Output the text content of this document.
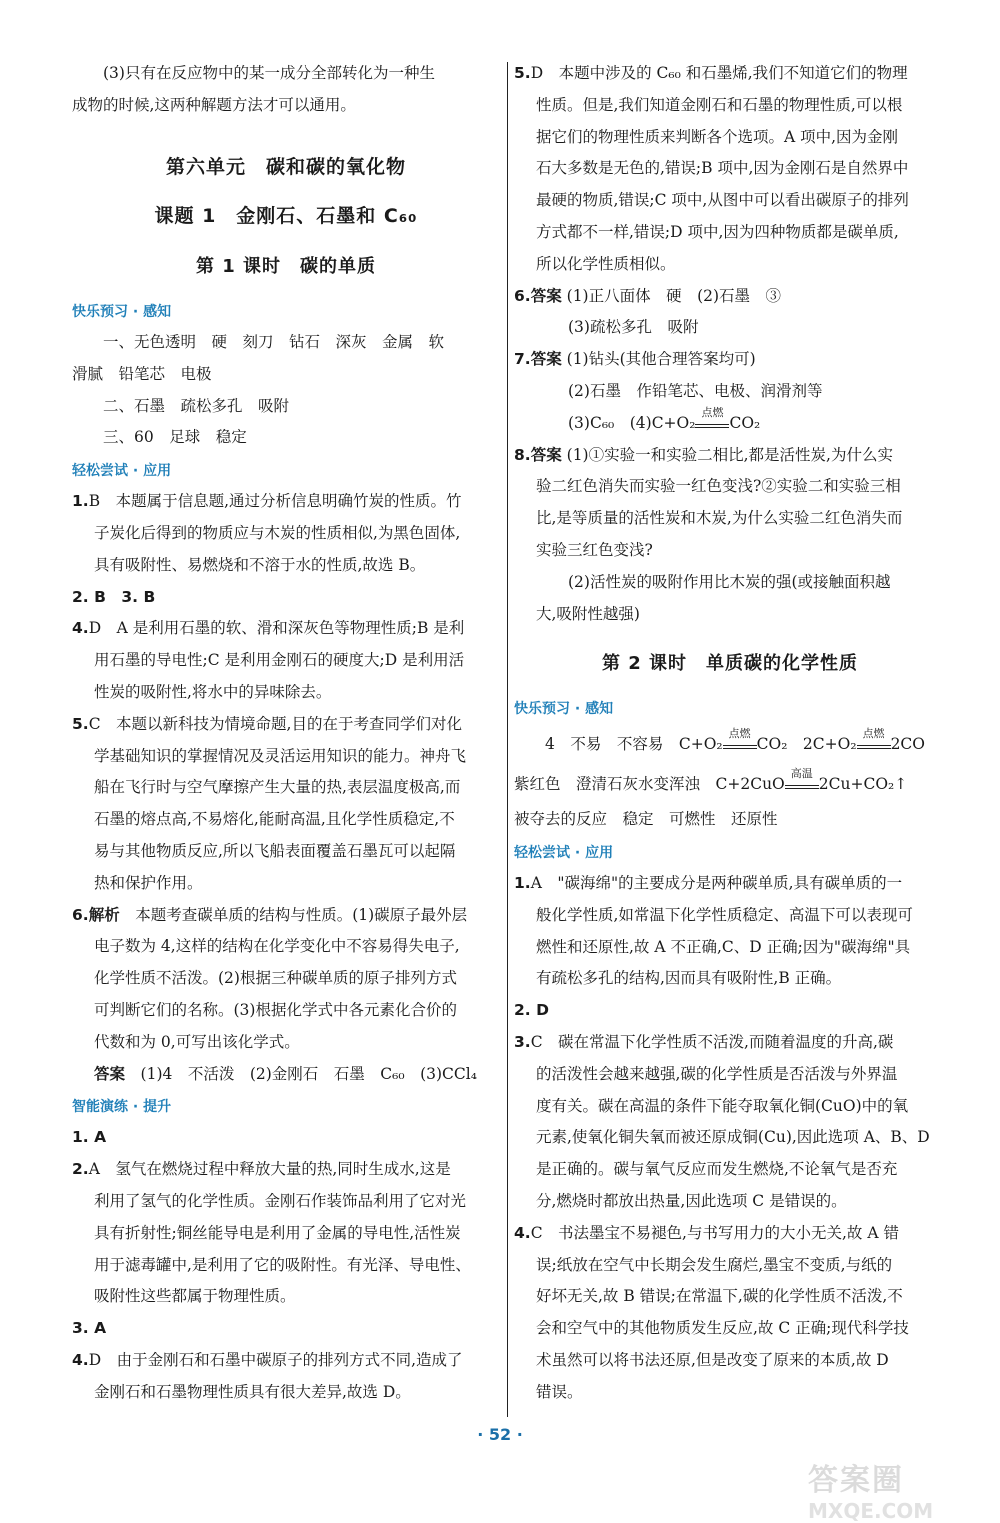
(3)只有在反应物中的某一成分全部转化为一种生

成物的时候,这两种解题方法才可以通用。

第六单元　碳和碳的氧化物
课题 1　金刚石、石墨和 C₆₀
第 1 课时　碳的单质
快乐预习 · 感知

一、无色透明　硬　刻刀　钻石　深灰　金属　软

滑腻　铅笔芯　电极

二、石墨　疏松多孔　吸附

三、60　足球　稳定

轻松尝试 · 应用

1.B　本题属于信息题,通过分析信息明确竹炭的性质。竹

子炭化后得到的物质应与木炭的性质相似,为黑色固体,

具有吸附性、易燃烧和不溶于水的性质,故选 B。

2. B　3. B

4.D　A 是利用石墨的软、滑和深灰色等物理性质;B 是利

用石墨的导电性;C 是利用金刚石的硬度大;D 是利用活

性炭的吸附性,将水中的异味除去。

5.C　本题以新科技为情境命题,目的在于考查同学们对化

学基础知识的掌握情况及灵活运用知识的能力。神舟飞

船在飞行时与空气摩擦产生大量的热,表层温度极高,而

石墨的熔点高,不易熔化,能耐高温,且化学性质稳定,不

易与其他物质反应,所以飞船表面覆盖石墨瓦可以起隔

热和保护作用。

6.解析　 本题考查碳单质的结构与性质。(1)碳原子最外层

电子数为 4,这样的结构在化学变化中不容易得失电子,

化学性质不活泼。(2)根据三种碳单质的原子排列方式

可判断它们的名称。(3)根据化学式中各元素化合价的

代数和为 0,可写出该化学式。

答案　 (1)4　不活泼　(2)金刚石　石墨　C₆₀　(3)CCl₄

智能演练 · 提升

1. A

2.A　氢气在燃烧过程中释放大量的热,同时生成水,这是

利用了氢气的化学性质。金刚石作装饰品利用了它对光

具有折射性;铜丝能导电是利用了金属的导电性,活性炭

用于滤毒罐中,是利用了它的吸附性。有光泽、导电性、

吸附性这些都属于物理性质。

3. A

4.D　由于金刚石和石墨中碳原子的排列方式不同,造成了

金刚石和石墨物理性质具有很大差异,故选 D。

5.D　本题中涉及的 C₆₀ 和石墨烯,我们不知道它们的物理

性质。但是,我们知道金刚石和石墨的物理性质,可以根

据它们的物理性质来判断各个选项。A 项中,因为金刚

石大多数是无色的,错误;B 项中,因为金刚石是自然界中

最硬的物质,错误;C 项中,从图中可以看出碳原子的排列

方式都不一样,错误;D 项中,因为四种物质都是碳单质,

所以化学性质相似。

6.答案 (1)正八面体　硬　(2)石墨　③

(3)疏松多孔　吸附

7.答案 (1)钻头(其他合理答案均可)

(2)石墨　作铅笔芯、电极、润滑剂等

(3)C₆₀　(4)C+O₂
点燃
CO₂

8.答案 (1)①实验一和实验二相比,都是活性炭,为什么实

验二红色消失而实验一红色变浅?②实验二和实验三相

比,是等质量的活性炭和木炭,为什么实验二红色消失而

实验三红色变浅?

(2)活性炭的吸附作用比木炭的强(或接触面积越

大,吸附性越强)

第 2 课时　单质碳的化学性质
快乐预习 · 感知

4　不易　不容易　C+O₂
点燃
CO₂　2C+O₂
点燃
2CO

紫红色　澄清石灰水变浑浊　C+2CuO
高温
2Cu+CO₂↑

被夺去的反应　稳定　可燃性　还原性

轻松尝试 · 应用

1.A　"碳海绵"的主要成分是两种碳单质,具有碳单质的一

般化学性质,如常温下化学性质稳定、高温下可以表现可

燃性和还原性,故 A 不正确,C、D 正确;因为"碳海绵"具

有疏松多孔的结构,因而具有吸附性,B 正确。

2. D

3.C　碳在常温下化学性质不活泼,而随着温度的升高,碳

的活泼性会越来越强,碳的化学性质是否活泼与外界温

度有关。碳在高温的条件下能夺取氧化铜(CuO)中的氧

元素,使氧化铜失氧而被还原成铜(Cu),因此选项 A、B、D

是正确的。碳与氧气反应而发生燃烧,不论氧气是否充

分,燃烧时都放出热量,因此选项 C 是错误的。

4.C　书法墨宝不易褪色,与书写用力的大小无关,故 A 错

误;纸放在空气中长期会发生腐烂,墨宝不变质,与纸的

好坏无关,故 B 错误;在常温下,碳的化学性质不活泼,不

会和空气中的其他物质发生反应,故 C 正确;现代科学技

术虽然可以将书法还原,但是改变了原来的本质,故 D

错误。

· 52 ·
答案圈
MXQE.COM
